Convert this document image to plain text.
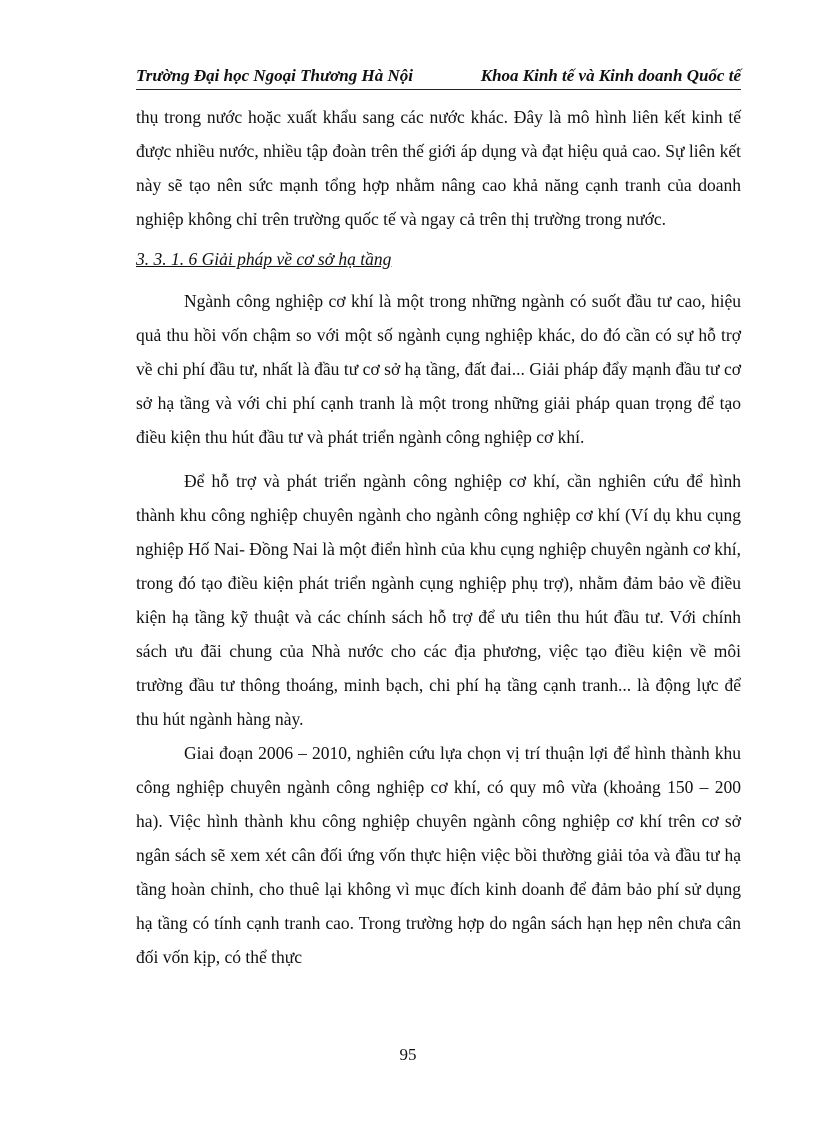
Trường Đại học Ngoại Thương Hà Nội	Khoa Kinh tế và Kinh doanh Quốc tế

thụ trong nước hoặc xuất khẩu sang các nước khác. Đây là mô hình liên kết kinh tế được nhiều nước, nhiều tập đoàn trên thế giới áp dụng và đạt hiệu quả cao. Sự liên kết này sẽ tạo nên sức mạnh tổng hợp nhằm nâng cao khả năng cạnh tranh của doanh nghiệp không chỉ trên trường quốc tế và ngay cả trên thị trường trong nước.

3. 3. 1. 6 Giải pháp về cơ sở hạ tầng

Ngành công nghiệp cơ khí là một trong những ngành có suốt đầu tư cao, hiệu quả thu hồi vốn chậm so với một số ngành cụng nghiệp khác, do đó cần có sự hỗ trợ về chi phí đầu tư, nhất là đầu tư cơ sở hạ tầng, đất đai... Giải pháp đẩy mạnh đầu tư cơ sở hạ tầng và với chi phí cạnh tranh là một trong những giải pháp quan trọng để tạo điều kiện thu hút đầu tư và phát triển ngành công nghiệp cơ khí.

Để hỗ trợ và phát triển ngành công nghiệp cơ khí, cần nghiên cứu để hình thành khu công nghiệp chuyên ngành cho ngành công nghiệp cơ khí (Ví dụ khu cụng nghiệp Hố Nai- Đồng Nai là một điển hình của khu cụng nghiệp chuyên ngành cơ khí, trong đó tạo điều kiện phát triển ngành cụng nghiệp phụ trợ), nhằm đảm bảo về điều kiện hạ tầng kỹ thuật và các chính sách hỗ trợ để ưu tiên thu hút đầu tư. Với chính sách ưu đãi chung của Nhà nước cho các địa phương, việc tạo điều kiện về môi trường đầu tư thông thoáng, minh bạch, chi phí hạ tầng cạnh tranh... là động lực để thu hút ngành hàng này.

Giai đoạn 2006 – 2010, nghiên cứu lựa chọn vị trí thuận lợi để hình thành khu công nghiệp chuyên ngành công nghiệp cơ khí, có quy mô vừa (khoảng 150 – 200 ha). Việc hình thành khu công nghiệp chuyên ngành công nghiệp cơ khí trên cơ sở ngân sách sẽ xem xét cân đối ứng vốn thực hiện việc bồi thường giải tỏa và đầu tư hạ tầng hoàn chỉnh, cho thuê lại không vì mục đích kinh doanh để đảm bảo phí sử dụng hạ tầng có tính cạnh tranh cao. Trong trường hợp do ngân sách hạn hẹp nên chưa cân đối vốn kịp, có thể thực

95
